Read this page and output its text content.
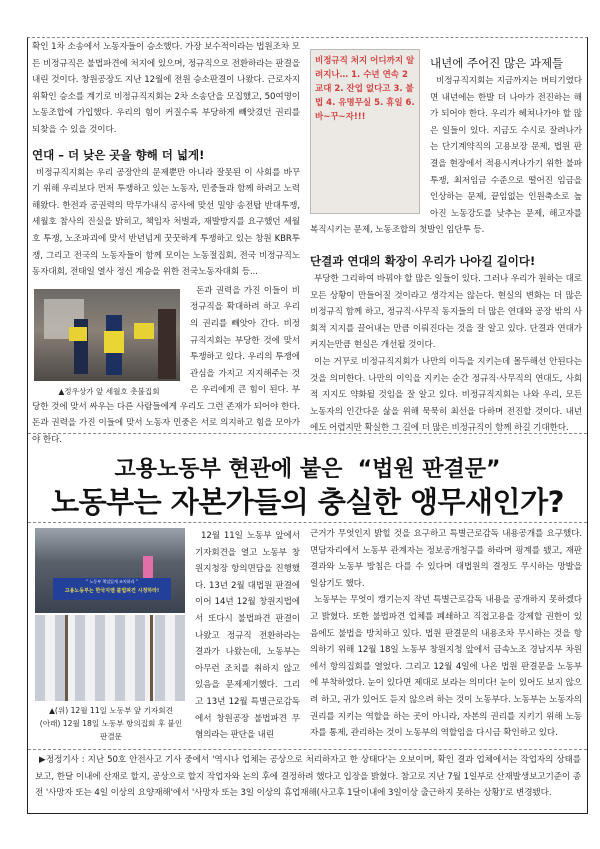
확인 1차 소송에서 노동자들이 승소했다. 가장 보수적이라는 법원조차 모든 비정규직은 불법파견에 처지에 있으며, 정규직으로 전환하라는 판결을 내린 것이다. 창원공장도 지난 12월에 전원 승소판결이 나왔다. 근로자지위확인 승소를 계기로 비정규직지회는 2차 소송단을 모집했고, 50여명이 노동조합에 가입했다. 우리의 힘이 커질수록 부당하게 빼앗겼던 권리를 되찾을 수 있을 것이다.

연대 – 더 낮은 곳을 향해 더 넓게!

비정규직지회는 우리 공장안의 문제뿐만 아니라 잘못된 이 사회를 바꾸기 위해 우리보다 먼저 투쟁하고 있는 노동자, 민중들과 함께 하려고 노력해왔다. 한전과 공권력의 막무가내식 공사에 맞선 밀양 송전탑 반대투쟁, 세월호 참사의 진실을 밝히고, 책임자 처벌과, 재발방지를 요구했던 세월호 투쟁, 노조파괴에 맞서 반년넘게 꿋꿋하게 투쟁하고 있는 창원 KBR투쟁, 그리고 전국의 노동자들이 함께 모이는 노동절집회, 전국 비정규직노동자대회, 전태일 열사 정신 계승을 위한 전국노동자대회 등...

▲정우상가 앞 세월호 촛불집회

돈과 권력을 가진 이들이 비정규직을 확대하려 하고 우리의 권리를 빼앗아 간다. 비정규직지회는 부당한 것에 맞서 투쟁하고 있다. 우리의 투쟁에 관심을 가지고 지지해주는 것은 우리에게 큰 힘이 된다. 부당한 것에 맞서 싸우는 다른 사람들에게 우리도 그런 존재가 되어야 한다. 돈과 권력을 가진 이들에 맞서 노동자 민중은 서로 의지하고 힘을 모아가야 한다.

비정규직 처지 어디까지 알려지나… 1. 수년 연속 2교대 2. 잔업 없다고 3. 불법 4. 유명무실 5. 휴일 6. 바~꾸~자!!!
내년에 주어진 많은 과제들

비정규직지회는 지금까지는 버티기였다면 내년에는 한발 더 나아가 전진하는 해가 되어야 한다. 우리가 헤쳐나가야 할 많은 일들이 있다. 지금도 수시로 잘려나가는 단기계약직의 고용보장 문제, 법원 판결을 현장에서 적용시켜나가기 위한 불파투쟁, 최저임금 수준으로 떨어진 임금을 인상하는 문제, 끝임없는 인원축소로 높아진 노동강도를 낮추는 문제, 해고자를 복직시키는 문제, 노동조합의 첫발인 임단투 등.

단결과 연대의 확장이 우리가 나아길 길이다!

부당한 그리하여 바꿔야 할 많은 일들이 있다. 그러나 우리가 원하는 대로 모든 상황이 만들어질 것이라고 생각지는 않는다. 현실의 변화는 더 많은 비정규직 함께 하고, 정규직·사무직 동지들의 더 많은 연대와 공장 밖의 사회적 지지를 끌어내는 만큼 이뤄진다는 것을 잘 알고 있다. 단결과 연대가 커지는만큼 현실은 개선될 것이다.

이는 거꾸로 비정규직지회가 나만의 이득을 지키는데 몰두해선 안된다는 것을 의미한다. 나만의 이익을 지키는 순간 정규직·사무직의 연대도, 사회적 지지도 약화될 것임을 잘 알고 있다. 비정규직지회는 나와 우리, 모든 노동자의 인간다운 삶을 위해 묵묵히 최선을 다하며 전진할 것이다. 내년에도 어렵지만 확실한 그 길에 더 많은 비정규직이 함께 하길 기대한다.

고용노동부 현관에 붙은  “법원 판결문”
노동부는 자본가들의 충실한 앵무새인가?
“ 노동부 책임있게 조치하라 ”
고용노동부는 한국지엠 불법파견 시정하라!
▲(위) 12월 11일 노동부 앞 기자회견
(아래) 12월 18일 노동부 항의집회 후 붙인 판결문

12월 11일 노동부 앞에서 기자회견을 열고 노동부 창원지청장 항의면담을 진행했다. 13년 2월 대법원 판결에 이어 14년 12월 창원지법에서 또다시 불법파견 판결이 나왔고 정규직 전환하라는 결과가 나왔는데, 노동부는 아무런 조치를 취하지 않고 있음을 문제제기했다. 그리고 13년 12월 특별근로감독에서 창원공장 불법파견 무혐의라는 판단을 내린

근거가 무엇인지 밝힐 것을 요구하고 특별근로감독 내용공개를 요구했다. 면담자리에서 노동부 관계자는 정보공개청구를 하라며 핑계를 됐고, 재판결과와 노동부 방침은 다를 수 있다며 대법원의 결정도 무시하는 망발을 일삼기도 했다.

노동부는 무엇이 캥기는지 작년 특별근로감독 내용을 공개하지 못하겠다고 밝혔다. 또한 불법파견 업체를 폐쇄하고 직접고용을 강제할 권한이 있음에도 불법을 방치하고 있다. 법원 판결문의 내용조차 무시하는 것을 항의하기 위해 12월 18일 노동부 창원지청 앞에서 금속노조 경남지부 차원에서 항의집회를 열었다. 그리고 12월 4일에 나온 법원 판결문을 노동부에 부착하였다. 눈이 있다면 제대로 보라는 의미다! 눈이 있어도 보지 않으려 하고, 귀가 있어도 듣지 않으려 하는 것이 노동부다. 노동부는 노동자의 권리를 지키는 역할을 하는 곳이 아니라, 자본의 권리를 지키기 위해 노동자를 통제, 관리하는 것이 노동부의 역할임을 다시금 확인하고 있다.

▶정정기사 : 지난 50호 안전사고 기사 중에서 '역시나 업체는 공상으로 처리하자고 한 상태다'는 오보이며, 확인 결과 업체에서는 작업자의 상태를 보고, 한달 이내에 산재로 할지, 공상으로 할지 작업자와 논의 후에 결정하려 했다고 입장을 밝혔다. 참고로 지난 7월 1일부로 산재발생보고기준이 종전 '사망자 또는 4일 이상의 요양재해'에서 '사망자 또는 3일 이상의 휴업재해(사고후 1달이내에 3일이상 출근하지 못하는 상황)'로 변경됐다.
